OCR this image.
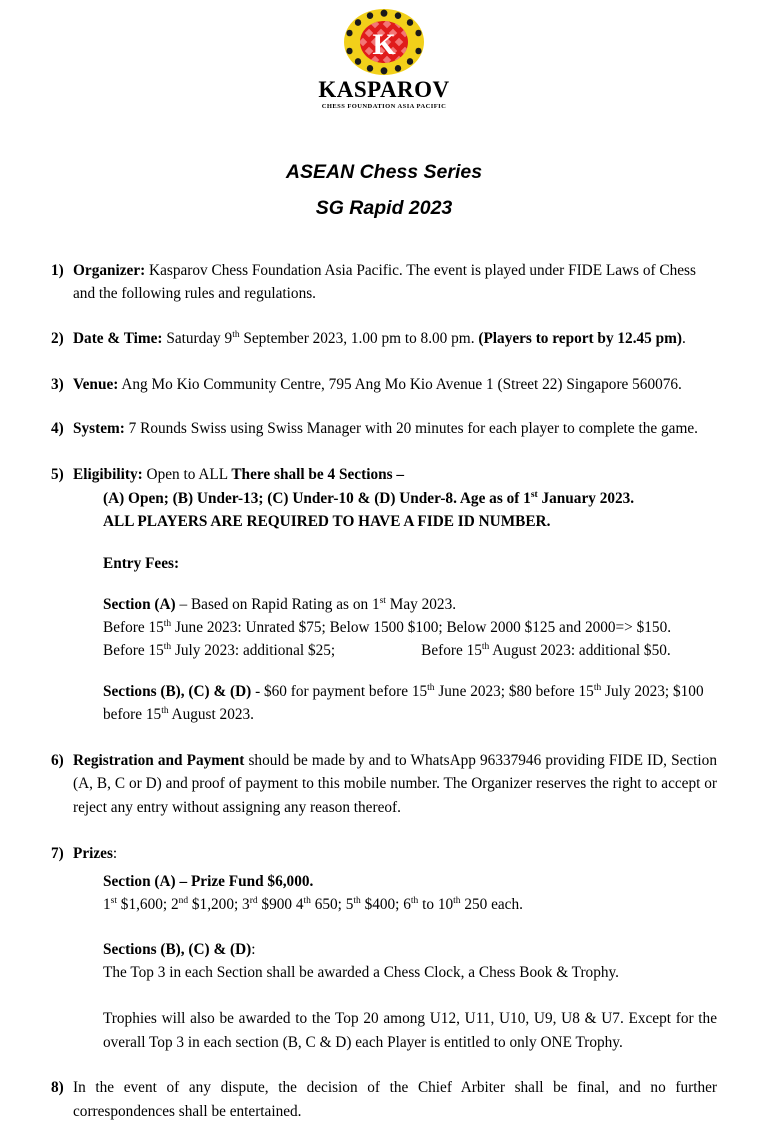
K
KASPAROV
CHESS FOUNDATION ASIA PACIFIC
ASEAN Chess Series
SG Rapid 2023
1) Organizer: Kasparov Chess Foundation Asia Pacific. The event is played under FIDE Laws of Chess and the following rules and regulations.
2) Date & Time: Saturday 9th September 2023, 1.00 pm to 8.00 pm. (Players to report by 12.45 pm).
3) Venue: Ang Mo Kio Community Centre, 795 Ang Mo Kio Avenue 1 (Street 22) Singapore 560076.
4) System: 7 Rounds Swiss using Swiss Manager with 20 minutes for each player to complete the game.
5) Eligibility: Open to ALL There shall be 4 Sections –
(A) Open; (B) Under-13; (C) Under-10 & (D) Under-8. Age as of 1st January 2023.
ALL PLAYERS ARE REQUIRED TO HAVE A FIDE ID NUMBER.
Entry Fees:
Section (A) – Based on Rapid Rating as on 1st May 2023.
Before 15th June 2023: Unrated $75; Below 1500 $100; Below 2000 $125 and 2000=> $150.
Before 15th July 2023: additional $25;	Before 15th August 2023: additional $50.
Sections (B), (C) & (D) - $60 for payment before 15th June 2023; $80 before 15th July 2023; $100 before 15th August 2023.
6) Registration and Payment should be made by and to WhatsApp 96337946 providing FIDE ID, Section (A, B, C or D) and proof of payment to this mobile number. The Organizer reserves the right to accept or reject any entry without assigning any reason thereof.
7) Prizes:
Section (A) – Prize Fund $6,000.
1st $1,600; 2nd $1,200; 3rd $900 4th 650; 5th $400; 6th to 10th 250 each.
Sections (B), (C) & (D):
The Top 3 in each Section shall be awarded a Chess Clock, a Chess Book & Trophy.
Trophies will also be awarded to the Top 20 among U12, U11, U10, U9, U8 & U7. Except for the overall Top 3 in each section (B, C & D) each Player is entitled to only ONE Trophy.
8) In the event of any dispute, the decision of the Chief Arbiter shall be final, and no further correspondences shall be entertained.
